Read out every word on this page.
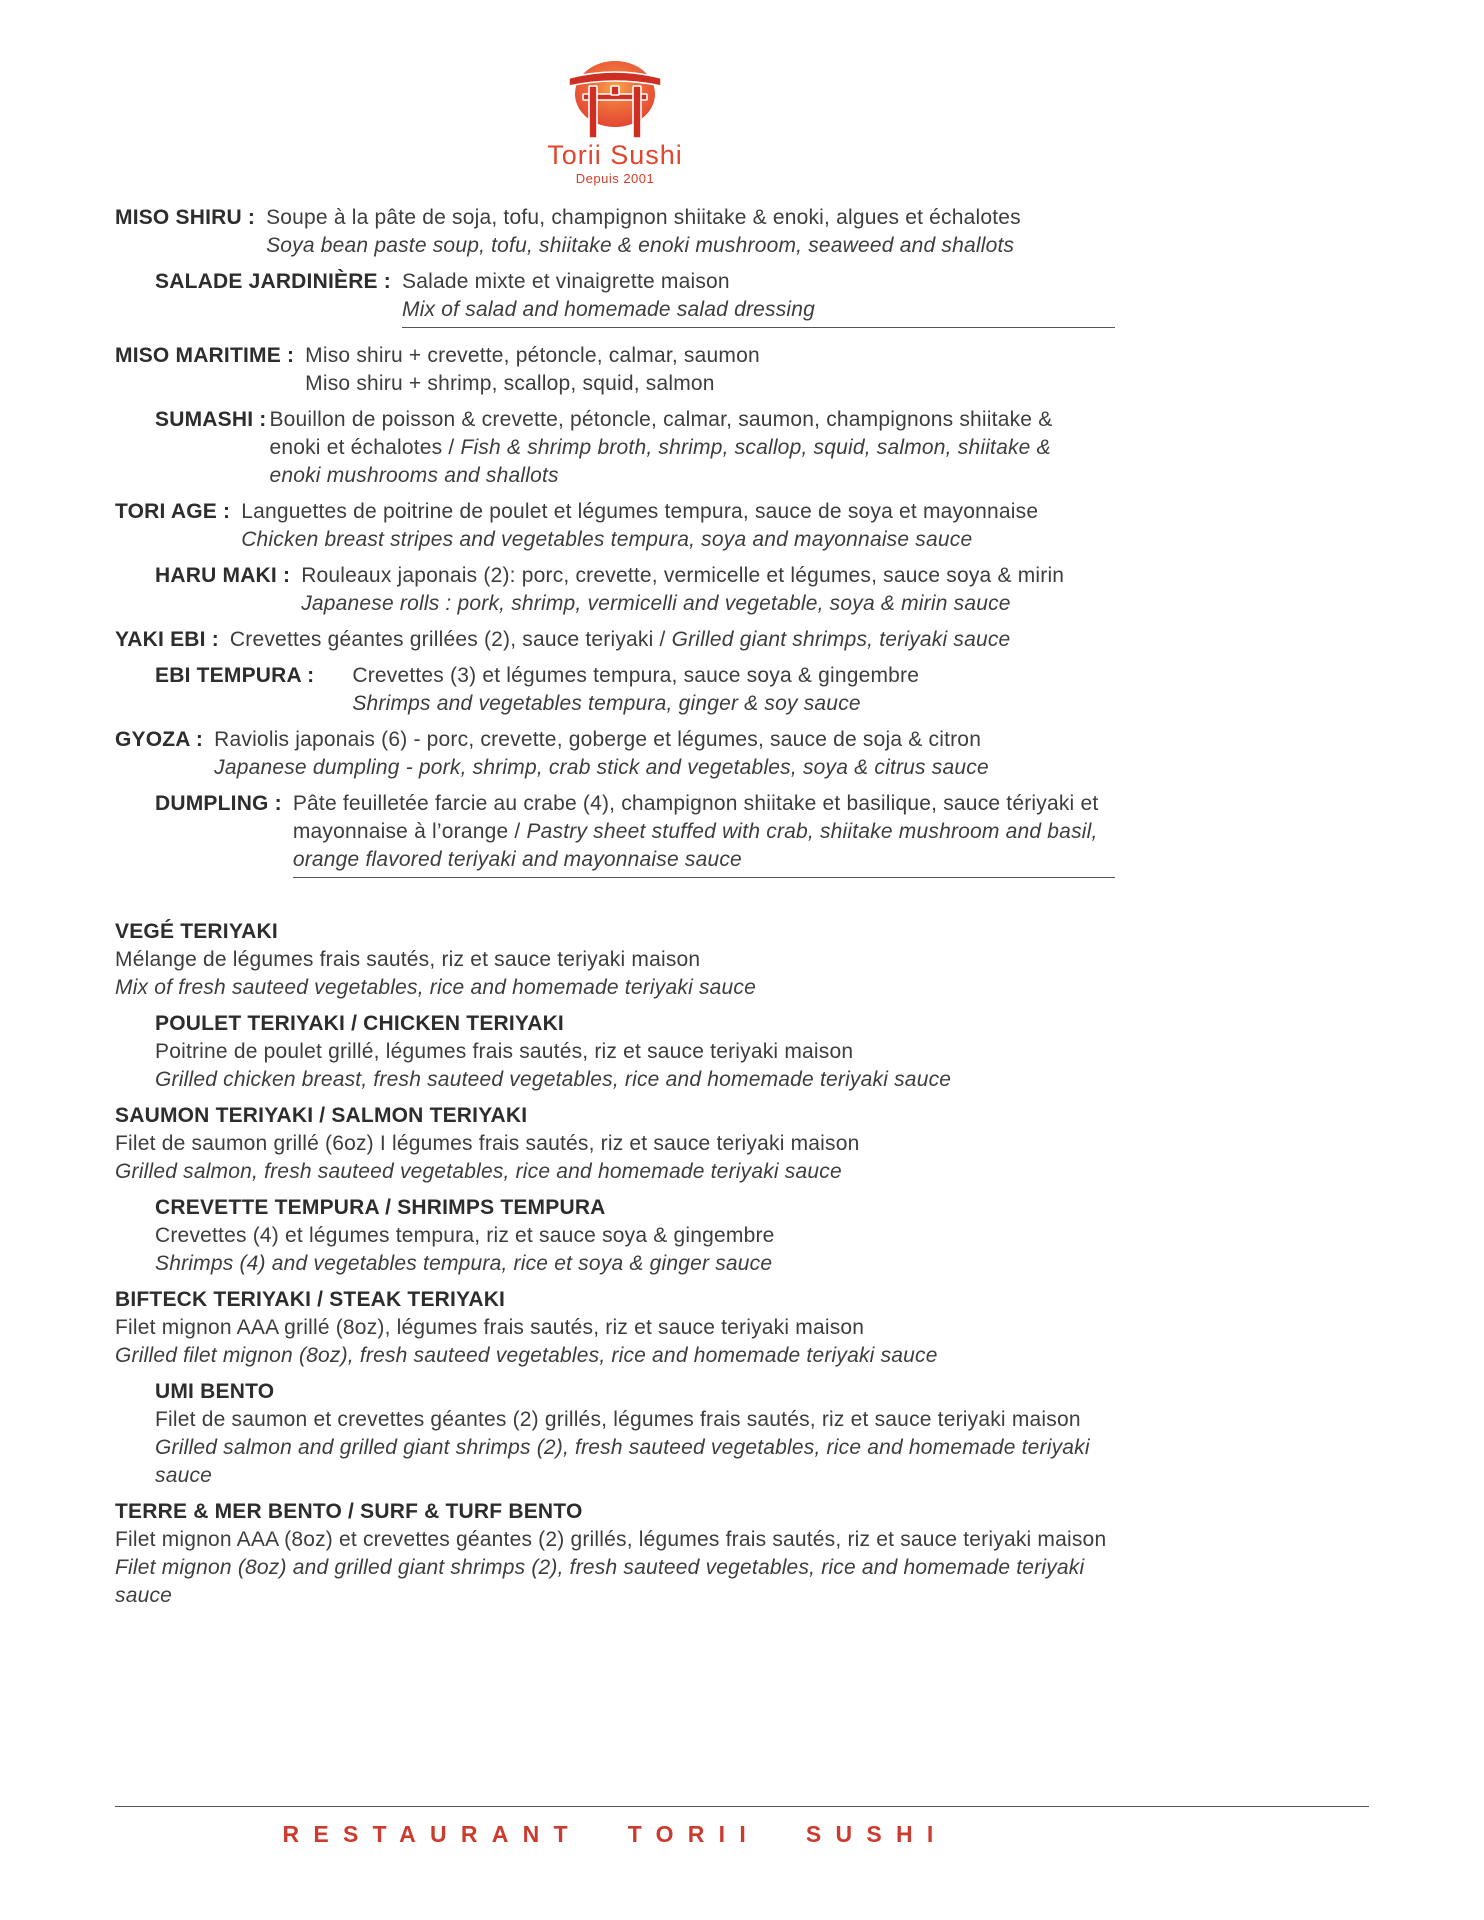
Torii Sushi
Depuis 2001
MISO SHIRU : Soupe à la pâte de soja, tofu, champignon shiitake & enoki, algues et échalotes
Soya bean paste soup, tofu, shiitake & enoki mushroom, seaweed and shallots
SALADE JARDINIÈRE : Salade mixte et vinaigrette maison
Mix of salad and homemade salad dressing
MISO MARITIME : Miso shiru + crevette, pétoncle, calmar, saumon
Miso shiru + shrimp, scallop, squid, salmon
SUMASHI : Bouillon de poisson & crevette, pétoncle, calmar, saumon, champignons shiitake &
enoki et échalotes / Fish & shrimp broth, shrimp, scallop, squid, salmon, shiitake &
enoki mushrooms and shallots
TORI AGE : Languettes de poitrine de poulet et légumes tempura, sauce de soya et mayonnaise
Chicken breast stripes and vegetables tempura, soya and mayonnaise sauce
HARU MAKI : Rouleaux japonais (2): porc, crevette, vermicelle et légumes, sauce soya & mirin
Japanese rolls : pork, shrimp, vermicelli and vegetable, soya & mirin sauce
YAKI EBI : Crevettes géantes grillées (2), sauce teriyaki / Grilled giant shrimps, teriyaki sauce
EBI TEMPURA :	Crevettes (3) et légumes tempura, sauce soya & gingembre
Shrimps and vegetables tempura, ginger & soy sauce
GYOZA : Raviolis japonais (6) - porc, crevette, goberge et légumes, sauce de soja & citron
Japanese dumpling - pork, shrimp, crab stick and vegetables, soya & citrus sauce
DUMPLING : Pâte feuilletée farcie au crabe (4), champignon shiitake et basilique, sauce tériyaki et
mayonnaise à l’orange / Pastry sheet stuffed with crab, shiitake mushroom and basil,
orange flavored teriyaki and mayonnaise sauce
VEGÉ TERIYAKI
Mélange de légumes frais sautés, riz et sauce teriyaki maison
Mix of fresh sauteed vegetables, rice and homemade teriyaki sauce
POULET TERIYAKI / CHICKEN TERIYAKI
Poitrine de poulet grillé, légumes frais sautés, riz et sauce teriyaki maison
Grilled chicken breast, fresh sauteed vegetables, rice and homemade teriyaki sauce
SAUMON TERIYAKI / SALMON TERIYAKI
Filet de saumon grillé (6oz) I légumes frais sautés, riz et sauce teriyaki maison
Grilled salmon, fresh sauteed vegetables, rice and homemade teriyaki sauce
CREVETTE TEMPURA / SHRIMPS TEMPURA
Crevettes (4) et légumes tempura, riz et sauce soya & gingembre
Shrimps (4) and vegetables tempura, rice et soya & ginger sauce
BIFTECK TERIYAKI / STEAK TERIYAKI
Filet mignon AAA grillé (8oz), légumes frais sautés, riz et sauce teriyaki maison
Grilled filet mignon (8oz), fresh sauteed vegetables, rice and homemade teriyaki sauce
UMI BENTO
Filet de saumon et crevettes géantes (2) grillés, légumes frais sautés, riz et sauce teriyaki maison
Grilled salmon and grilled giant shrimps (2), fresh sauteed vegetables, rice and homemade teriyaki
sauce
TERRE & MER BENTO / SURF & TURF BENTO
Filet mignon AAA (8oz) et crevettes géantes (2) grillés, légumes frais sautés, riz et sauce teriyaki maison
Filet mignon (8oz) and grilled giant shrimps (2), fresh sauteed vegetables, rice and homemade teriyaki
sauce
RESTAURANT TORII SUSHI
